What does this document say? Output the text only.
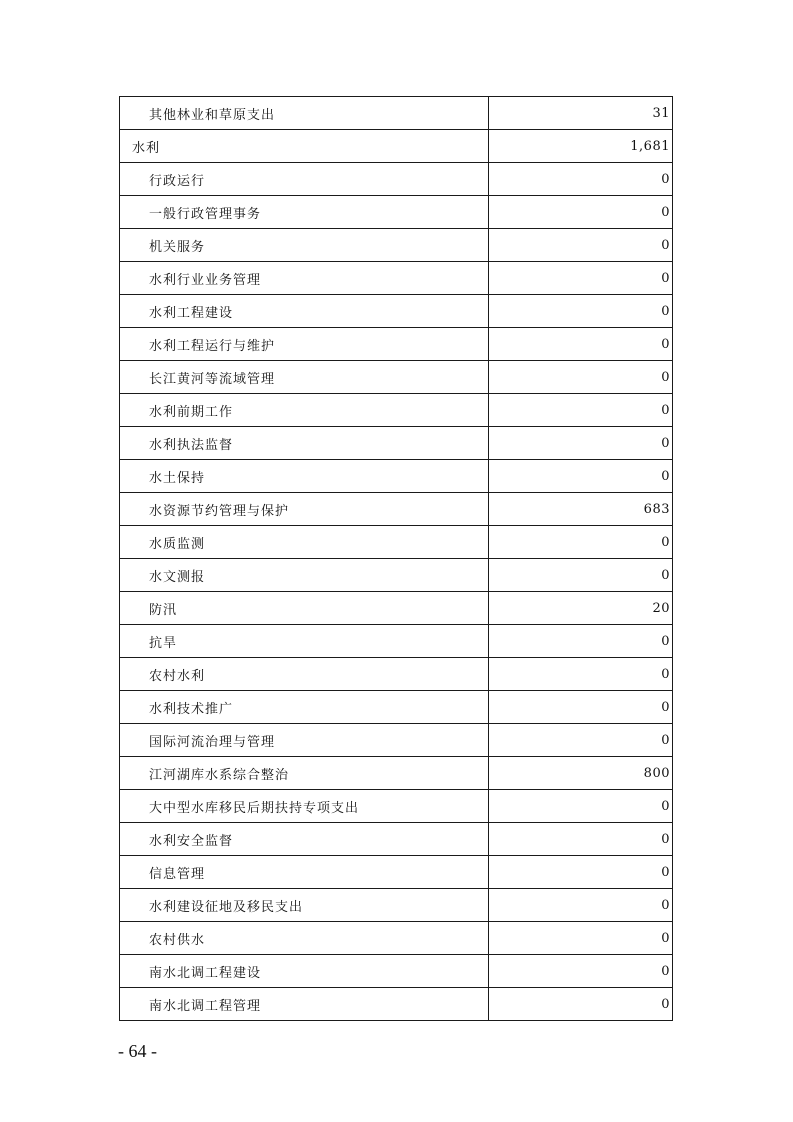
其他林业和草原支出	31
水利	1,681
行政运行	0
一般行政管理事务	0
机关服务	0
水利行业业务管理	0
水利工程建设	0
水利工程运行与维护	0
长江黄河等流域管理	0
水利前期工作	0
水利执法监督	0
水土保持	0
水资源节约管理与保护	683
水质监测	0
水文测报	0
防汛	20
抗旱	0
农村水利	0
水利技术推广	0
国际河流治理与管理	0
江河湖库水系综合整治	800
大中型水库移民后期扶持专项支出	0
水利安全监督	0
信息管理	0
水利建设征地及移民支出	0
农村供水	0
南水北调工程建设	0
南水北调工程管理	0
- 64 -
